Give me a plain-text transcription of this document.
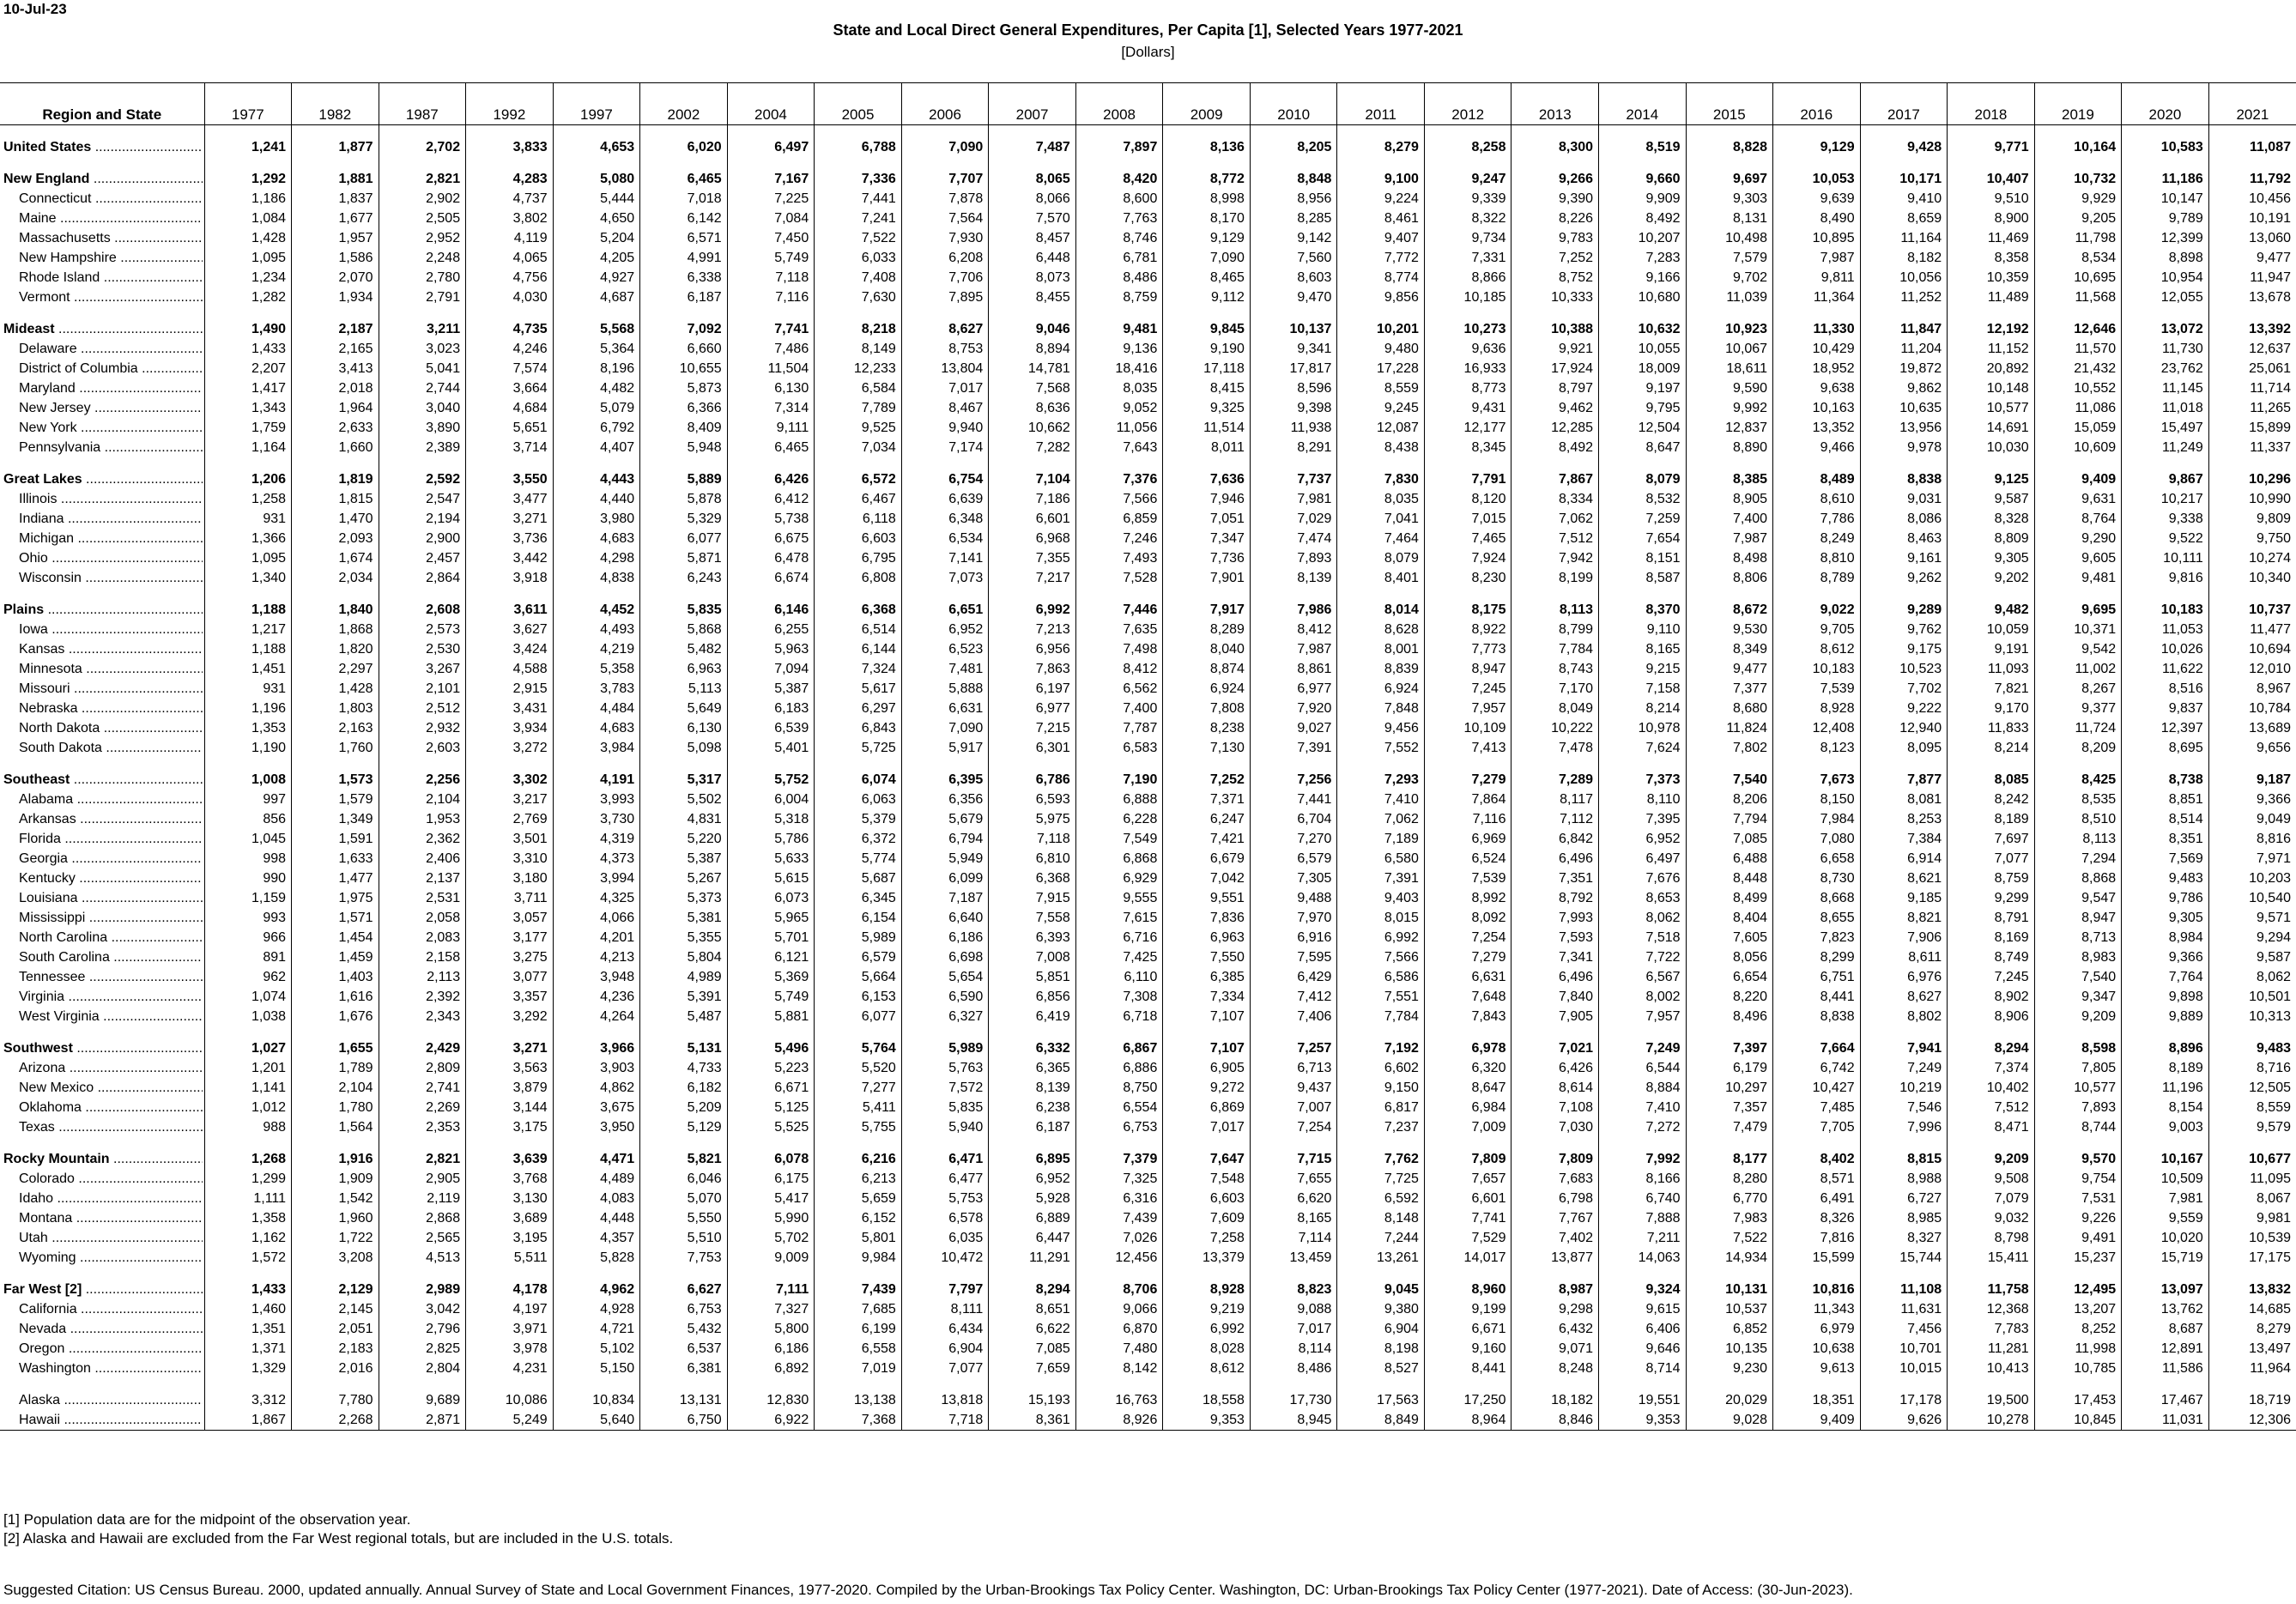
10-Jul-23
State and Local Direct General Expenditures, Per Capita [1], Selected Years 1977-2021
[Dollars]
Region and State	1977	1982	1987	1992	1997	2002	2004	2005	2006	2007	2008	2009	2010	2011	2012	2013	2014	2015	2016	2017	2018	2019	2020	2021

United States .....	1,241	1,877	2,702	3,833	4,653	6,020	6,497	6,788	7,090	7,487	7,897	8,136	8,205	8,279	8,258	8,300	8,519	8,828	9,129	9,428	9,771	10,164	10,583	11,087

New England .....	1,292	1,881	2,821	4,283	5,080	6,465	7,167	7,336	7,707	8,065	8,420	8,772	8,848	9,100	9,247	9,266	9,660	9,697	10,053	10,171	10,407	10,732	11,186	11,792

Connecticut .....	1,186	1,837	2,902	4,737	5,444	7,018	7,225	7,441	7,878	8,066	8,600	8,998	8,956	9,224	9,339	9,390	9,909	9,303	9,639	9,410	9,510	9,929	10,147	10,456

Maine .....	1,084	1,677	2,505	3,802	4,650	6,142	7,084	7,241	7,564	7,570	7,763	8,170	8,285	8,461	8,322	8,226	8,492	8,131	8,490	8,659	8,900	9,205	9,789	10,191

Massachusetts .....	1,428	1,957	2,952	4,119	5,204	6,571	7,450	7,522	7,930	8,457	8,746	9,129	9,142	9,407	9,734	9,783	10,207	10,498	10,895	11,164	11,469	11,798	12,399	13,060

New Hampshire .....	1,095	1,586	2,248	4,065	4,205	4,991	5,749	6,033	6,208	6,448	6,781	7,090	7,560	7,772	7,331	7,252	7,283	7,579	7,987	8,182	8,358	8,534	8,898	9,477

Rhode Island .....	1,234	2,070	2,780	4,756	4,927	6,338	7,118	7,408	7,706	8,073	8,486	8,465	8,603	8,774	8,866	8,752	9,166	9,702	9,811	10,056	10,359	10,695	10,954	11,947

Vermont .....	1,282	1,934	2,791	4,030	4,687	6,187	7,116	7,630	7,895	8,455	8,759	9,112	9,470	9,856	10,185	10,333	10,680	11,039	11,364	11,252	11,489	11,568	12,055	13,678

Mideast .....	1,490	2,187	3,211	4,735	5,568	7,092	7,741	8,218	8,627	9,046	9,481	9,845	10,137	10,201	10,273	10,388	10,632	10,923	11,330	11,847	12,192	12,646	13,072	13,392

Delaware .....	1,433	2,165	3,023	4,246	5,364	6,660	7,486	8,149	8,753	8,894	9,136	9,190	9,341	9,480	9,636	9,921	10,055	10,067	10,429	11,204	11,152	11,570	11,730	12,637

District of Columbia .....	2,207	3,413	5,041	7,574	8,196	10,655	11,504	12,233	13,804	14,781	18,416	17,118	17,817	17,228	16,933	17,924	18,009	18,611	18,952	19,872	20,892	21,432	23,762	25,061

Maryland .....	1,417	2,018	2,744	3,664	4,482	5,873	6,130	6,584	7,017	7,568	8,035	8,415	8,596	8,559	8,773	8,797	9,197	9,590	9,638	9,862	10,148	10,552	11,145	11,714

New Jersey .....	1,343	1,964	3,040	4,684	5,079	6,366	7,314	7,789	8,467	8,636	9,052	9,325	9,398	9,245	9,431	9,462	9,795	9,992	10,163	10,635	10,577	11,086	11,018	11,265

New York .....	1,759	2,633	3,890	5,651	6,792	8,409	9,111	9,525	9,940	10,662	11,056	11,514	11,938	12,087	12,177	12,285	12,504	12,837	13,352	13,956	14,691	15,059	15,497	15,899

Pennsylvania .....	1,164	1,660	2,389	3,714	4,407	5,948	6,465	7,034	7,174	7,282	7,643	8,011	8,291	8,438	8,345	8,492	8,647	8,890	9,466	9,978	10,030	10,609	11,249	11,337

Great Lakes .....	1,206	1,819	2,592	3,550	4,443	5,889	6,426	6,572	6,754	7,104	7,376	7,636	7,737	7,830	7,791	7,867	8,079	8,385	8,489	8,838	9,125	9,409	9,867	10,296

Illinois .....	1,258	1,815	2,547	3,477	4,440	5,878	6,412	6,467	6,639	7,186	7,566	7,946	7,981	8,035	8,120	8,334	8,532	8,905	8,610	9,031	9,587	9,631	10,217	10,990

Indiana .....	931	1,470	2,194	3,271	3,980	5,329	5,738	6,118	6,348	6,601	6,859	7,051	7,029	7,041	7,015	7,062	7,259	7,400	7,786	8,086	8,328	8,764	9,338	9,809

Michigan .....	1,366	2,093	2,900	3,736	4,683	6,077	6,675	6,603	6,534	6,968	7,246	7,347	7,474	7,464	7,465	7,512	7,654	7,987	8,249	8,463	8,809	9,290	9,522	9,750

Ohio .....	1,095	1,674	2,457	3,442	4,298	5,871	6,478	6,795	7,141	7,355	7,493	7,736	7,893	8,079	7,924	7,942	8,151	8,498	8,810	9,161	9,305	9,605	10,111	10,274

Wisconsin .....	1,340	2,034	2,864	3,918	4,838	6,243	6,674	6,808	7,073	7,217	7,528	7,901	8,139	8,401	8,230	8,199	8,587	8,806	8,789	9,262	9,202	9,481	9,816	10,340

Plains .....	1,188	1,840	2,608	3,611	4,452	5,835	6,146	6,368	6,651	6,992	7,446	7,917	7,986	8,014	8,175	8,113	8,370	8,672	9,022	9,289	9,482	9,695	10,183	10,737

Iowa .....	1,217	1,868	2,573	3,627	4,493	5,868	6,255	6,514	6,952	7,213	7,635	8,289	8,412	8,628	8,922	8,799	9,110	9,530	9,705	9,762	10,059	10,371	11,053	11,477

Kansas .....	1,188	1,820	2,530	3,424	4,219	5,482	5,963	6,144	6,523	6,956	7,498	8,040	7,987	8,001	7,773	7,784	8,165	8,349	8,612	9,175	9,191	9,542	10,026	10,694

Minnesota .....	1,451	2,297	3,267	4,588	5,358	6,963	7,094	7,324	7,481	7,863	8,412	8,874	8,861	8,839	8,947	8,743	9,215	9,477	10,183	10,523	11,093	11,002	11,622	12,010

Missouri .....	931	1,428	2,101	2,915	3,783	5,113	5,387	5,617	5,888	6,197	6,562	6,924	6,977	6,924	7,245	7,170	7,158	7,377	7,539	7,702	7,821	8,267	8,516	8,967

Nebraska .....	1,196	1,803	2,512	3,431	4,484	5,649	6,183	6,297	6,631	6,977	7,400	7,808	7,920	7,848	7,957	8,049	8,214	8,680	8,928	9,222	9,170	9,377	9,837	10,784

North Dakota .....	1,353	2,163	2,932	3,934	4,683	6,130	6,539	6,843	7,090	7,215	7,787	8,238	9,027	9,456	10,109	10,222	10,978	11,824	12,408	12,940	11,833	11,724	12,397	13,689

South Dakota .....	1,190	1,760	2,603	3,272	3,984	5,098	5,401	5,725	5,917	6,301	6,583	7,130	7,391	7,552	7,413	7,478	7,624	7,802	8,123	8,095	8,214	8,209	8,695	9,656

Southeast .....	1,008	1,573	2,256	3,302	4,191	5,317	5,752	6,074	6,395	6,786	7,190	7,252	7,256	7,293	7,279	7,289	7,373	7,540	7,673	7,877	8,085	8,425	8,738	9,187

Alabama .....	997	1,579	2,104	3,217	3,993	5,502	6,004	6,063	6,356	6,593	6,888	7,371	7,441	7,410	7,864	8,117	8,110	8,206	8,150	8,081	8,242	8,535	8,851	9,366

Arkansas .....	856	1,349	1,953	2,769	3,730	4,831	5,318	5,379	5,679	5,975	6,228	6,247	6,704	7,062	7,116	7,112	7,395	7,794	7,984	8,253	8,189	8,510	8,514	9,049

Florida .....	1,045	1,591	2,362	3,501	4,319	5,220	5,786	6,372	6,794	7,118	7,549	7,421	7,270	7,189	6,969	6,842	6,952	7,085	7,080	7,384	7,697	8,113	8,351	8,816

Georgia .....	998	1,633	2,406	3,310	4,373	5,387	5,633	5,774	5,949	6,810	6,868	6,679	6,579	6,580	6,524	6,496	6,497	6,488	6,658	6,914	7,077	7,294	7,569	7,971

Kentucky .....	990	1,477	2,137	3,180	3,994	5,267	5,615	5,687	6,099	6,368	6,929	7,042	7,305	7,391	7,539	7,351	7,676	8,448	8,730	8,621	8,759	8,868	9,483	10,203

Louisiana .....	1,159	1,975	2,531	3,711	4,325	5,373	6,073	6,345	7,187	7,915	9,555	9,551	9,488	9,403	8,992	8,792	8,653	8,499	8,668	9,185	9,299	9,547	9,786	10,540

Mississippi .....	993	1,571	2,058	3,057	4,066	5,381	5,965	6,154	6,640	7,558	7,615	7,836	7,970	8,015	8,092	7,993	8,062	8,404	8,655	8,821	8,791	8,947	9,305	9,571

North Carolina .....	966	1,454	2,083	3,177	4,201	5,355	5,701	5,989	6,186	6,393	6,716	6,963	6,916	6,992	7,254	7,593	7,518	7,605	7,823	7,906	8,169	8,713	8,984	9,294

South Carolina .....	891	1,459	2,158	3,275	4,213	5,804	6,121	6,579	6,698	7,008	7,425	7,550	7,595	7,566	7,279	7,341	7,722	8,056	8,299	8,611	8,749	8,983	9,366	9,587

Tennessee .....	962	1,403	2,113	3,077	3,948	4,989	5,369	5,664	5,654	5,851	6,110	6,385	6,429	6,586	6,631	6,496	6,567	6,654	6,751	6,976	7,245	7,540	7,764	8,062

Virginia .....	1,074	1,616	2,392	3,357	4,236	5,391	5,749	6,153	6,590	6,856	7,308	7,334	7,412	7,551	7,648	7,840	8,002	8,220	8,441	8,627	8,902	9,347	9,898	10,501

West Virginia .....	1,038	1,676	2,343	3,292	4,264	5,487	5,881	6,077	6,327	6,419	6,718	7,107	7,406	7,784	7,843	7,905	7,957	8,496	8,838	8,802	8,906	9,209	9,889	10,313

Southwest .....	1,027	1,655	2,429	3,271	3,966	5,131	5,496	5,764	5,989	6,332	6,867	7,107	7,257	7,192	6,978	7,021	7,249	7,397	7,664	7,941	8,294	8,598	8,896	9,483

Arizona .....	1,201	1,789	2,809	3,563	3,903	4,733	5,223	5,520	5,763	6,365	6,886	6,905	6,713	6,602	6,320	6,426	6,544	6,179	6,742	7,249	7,374	7,805	8,189	8,716

New Mexico .....	1,141	2,104	2,741	3,879	4,862	6,182	6,671	7,277	7,572	8,139	8,750	9,272	9,437	9,150	8,647	8,614	8,884	10,297	10,427	10,219	10,402	10,577	11,196	12,505

Oklahoma .....	1,012	1,780	2,269	3,144	3,675	5,209	5,125	5,411	5,835	6,238	6,554	6,869	7,007	6,817	6,984	7,108	7,410	7,357	7,485	7,546	7,512	7,893	8,154	8,559

Texas .....	988	1,564	2,353	3,175	3,950	5,129	5,525	5,755	5,940	6,187	6,753	7,017	7,254	7,237	7,009	7,030	7,272	7,479	7,705	7,996	8,471	8,744	9,003	9,579

Rocky Mountain .....	1,268	1,916	2,821	3,639	4,471	5,821	6,078	6,216	6,471	6,895	7,379	7,647	7,715	7,762	7,809	7,809	7,992	8,177	8,402	8,815	9,209	9,570	10,167	10,677

Colorado .....	1,299	1,909	2,905	3,768	4,489	6,046	6,175	6,213	6,477	6,952	7,325	7,548	7,655	7,725	7,657	7,683	8,166	8,280	8,571	8,988	9,508	9,754	10,509	11,095

Idaho .....	1,111	1,542	2,119	3,130	4,083	5,070	5,417	5,659	5,753	5,928	6,316	6,603	6,620	6,592	6,601	6,798	6,740	6,770	6,491	6,727	7,079	7,531	7,981	8,067

Montana .....	1,358	1,960	2,868	3,689	4,448	5,550	5,990	6,152	6,578	6,889	7,439	7,609	8,165	8,148	7,741	7,767	7,888	7,983	8,326	8,985	9,032	9,226	9,559	9,981

Utah .....	1,162	1,722	2,565	3,195	4,357	5,510	5,702	5,801	6,035	6,447	7,026	7,258	7,114	7,244	7,529	7,402	7,211	7,522	7,816	8,327	8,798	9,491	10,020	10,539

Wyoming .....	1,572	3,208	4,513	5,511	5,828	7,753	9,009	9,984	10,472	11,291	12,456	13,379	13,459	13,261	14,017	13,877	14,063	14,934	15,599	15,744	15,411	15,237	15,719	17,175

Far West [2] .....	1,433	2,129	2,989	4,178	4,962	6,627	7,111	7,439	7,797	8,294	8,706	8,928	8,823	9,045	8,960	8,987	9,324	10,131	10,816	11,108	11,758	12,495	13,097	13,832

California .....	1,460	2,145	3,042	4,197	4,928	6,753	7,327	7,685	8,111	8,651	9,066	9,219	9,088	9,380	9,199	9,298	9,615	10,537	11,343	11,631	12,368	13,207	13,762	14,685

Nevada .....	1,351	2,051	2,796	3,971	4,721	5,432	5,800	6,199	6,434	6,622	6,870	6,992	7,017	6,904	6,671	6,432	6,406	6,852	6,979	7,456	7,783	8,252	8,687	8,279

Oregon .....	1,371	2,183	2,825	3,978	5,102	6,537	6,186	6,558	6,904	7,085	7,480	8,028	8,114	8,198	9,160	9,071	9,646	10,135	10,638	10,701	11,281	11,998	12,891	13,497

Washington .....	1,329	2,016	2,804	4,231	5,150	6,381	6,892	7,019	7,077	7,659	8,142	8,612	8,486	8,527	8,441	8,248	8,714	9,230	9,613	10,015	10,413	10,785	11,586	11,964

Alaska .....	3,312	7,780	9,689	10,086	10,834	13,131	12,830	13,138	13,818	15,193	16,763	18,558	17,730	17,563	17,250	18,182	19,551	20,029	18,351	17,178	19,500	17,453	17,467	18,719

Hawaii .....	1,867	2,268	2,871	5,249	5,640	6,750	6,922	7,368	7,718	8,361	8,926	9,353	8,945	8,849	8,964	8,846	9,353	9,028	9,409	9,626	10,278	10,845	11,031	12,306
[1] Population data are for the midpoint of the observation year.
[2] Alaska and Hawaii are excluded from the Far West regional totals, but are included in the U.S. totals.
Suggested Citation: US Census Bureau. 2000, updated annually. Annual Survey of State and Local Government Finances, 1977-2020. Compiled by the Urban-Brookings Tax Policy Center. Washington, DC: Urban-Brookings Tax Policy Center (1977-2021). Date of Access: (30-Jun-2023).
